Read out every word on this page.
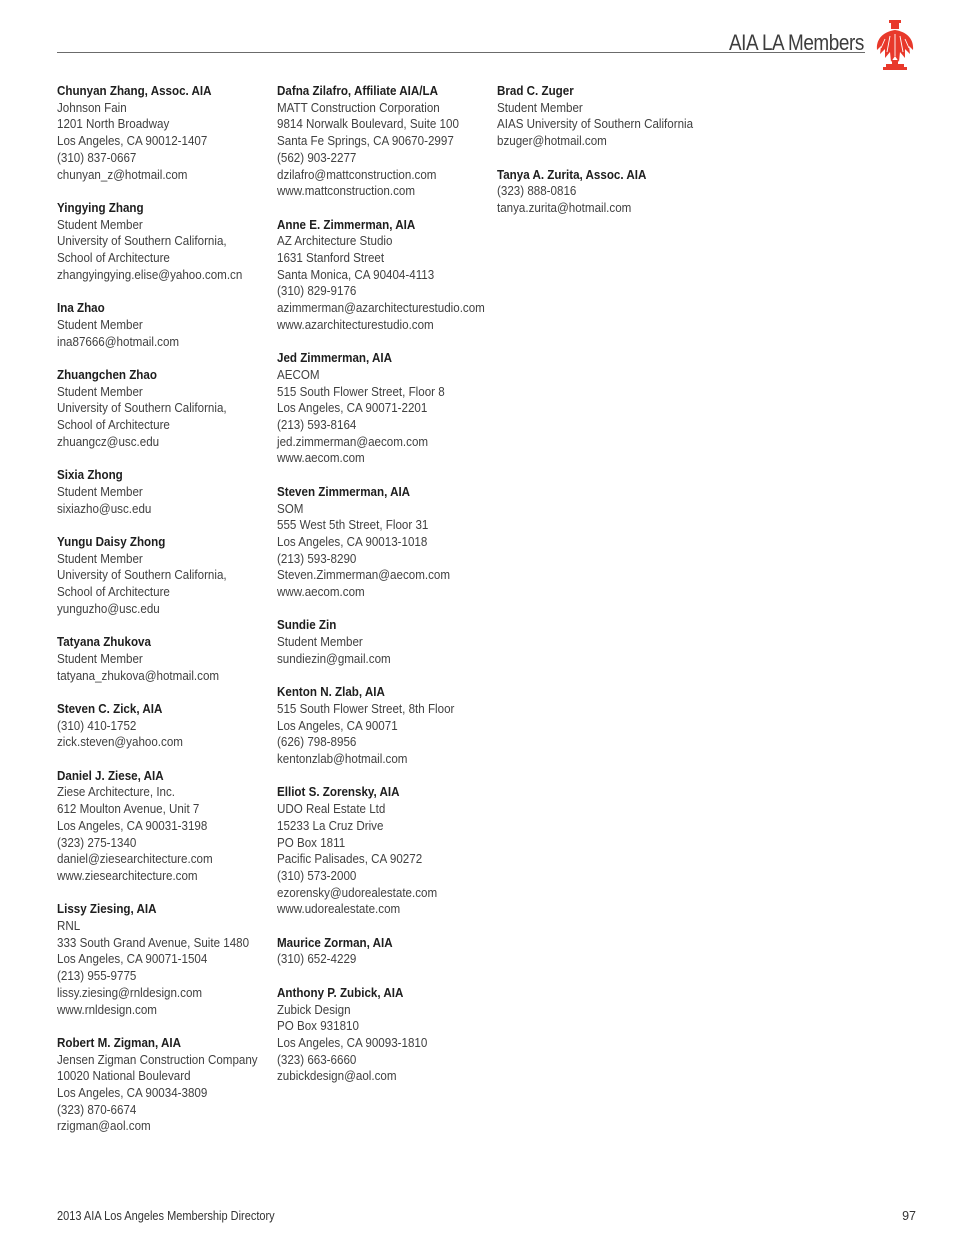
AIA LA Members
Chunyan Zhang, Assoc. AIA
Johnson Fain
1201 North Broadway
Los Angeles, CA 90012-1407
(310) 837-0667
chunyan_z@hotmail.com
Yingying Zhang
Student Member
University of Southern California,
School of Architecture
zhangyingying.elise@yahoo.com.cn
Ina Zhao
Student Member
ina87666@hotmail.com
Zhuangchen Zhao
Student Member
University of Southern California,
School of Architecture
zhuangcz@usc.edu
Sixia Zhong
Student Member
sixiazho@usc.edu
Yungu Daisy Zhong
Student Member
University of Southern California,
School of Architecture
yunguzho@usc.edu
Tatyana Zhukova
Student Member
tatyana_zhukova@hotmail.com
Steven C. Zick, AIA
(310) 410-1752
zick.steven@yahoo.com
Daniel J. Ziese, AIA
Ziese Architecture, Inc.
612 Moulton Avenue, Unit 7
Los Angeles, CA 90031-3198
(323) 275-1340
daniel@ziesearchitecture.com
www.ziesearchitecture.com
Lissy Ziesing, AIA
RNL
333 South Grand Avenue, Suite 1480
Los Angeles, CA 90071-1504
(213) 955-9775
lissy.ziesing@rnldesign.com
www.rnldesign.com
Robert M. Zigman, AIA
Jensen Zigman Construction Company
10020 National Boulevard
Los Angeles, CA 90034-3809
(323) 870-6674
rzigman@aol.com
Dafna Zilafro, Affiliate AIA/LA
MATT Construction Corporation
9814 Norwalk Boulevard, Suite 100
Santa Fe Springs, CA 90670-2997
(562) 903-2277
dzilafro@mattconstruction.com
www.mattconstruction.com
Anne E. Zimmerman, AIA
AZ Architecture Studio
1631 Stanford Street
Santa Monica, CA 90404-4113
(310) 829-9176
azimmerman@azarchitecturestudio.com
www.azarchitecturestudio.com
Jed Zimmerman, AIA
AECOM
515 South Flower Street, Floor 8
Los Angeles, CA 90071-2201
(213) 593-8164
jed.zimmerman@aecom.com
www.aecom.com
Steven Zimmerman, AIA
SOM
555 West 5th Street, Floor 31
Los Angeles, CA 90013-1018
(213) 593-8290
Steven.Zimmerman@aecom.com
www.aecom.com
Sundie Zin
Student Member
sundiezin@gmail.com
Kenton N. Zlab, AIA
515 South Flower Street, 8th Floor
Los Angeles, CA 90071
(626) 798-8956
kentonzlab@hotmail.com
Elliot S. Zorensky, AIA
UDO Real Estate Ltd
15233 La Cruz Drive
PO Box 1811
Pacific Palisades, CA 90272
(310) 573-2000
ezorensky@udorealestate.com
www.udorealestate.com
Maurice Zorman, AIA
(310) 652-4229
Anthony P. Zubick, AIA
Zubick Design
PO Box 931810
Los Angeles, CA 90093-1810
(323) 663-6660
zubickdesign@aol.com
Brad C. Zuger
Student Member
AIAS University of Southern California
bzuger@hotmail.com
Tanya A. Zurita, Assoc. AIA
(323) 888-0816
tanya.zurita@hotmail.com
2013 AIA Los Angeles Membership Directory	97
